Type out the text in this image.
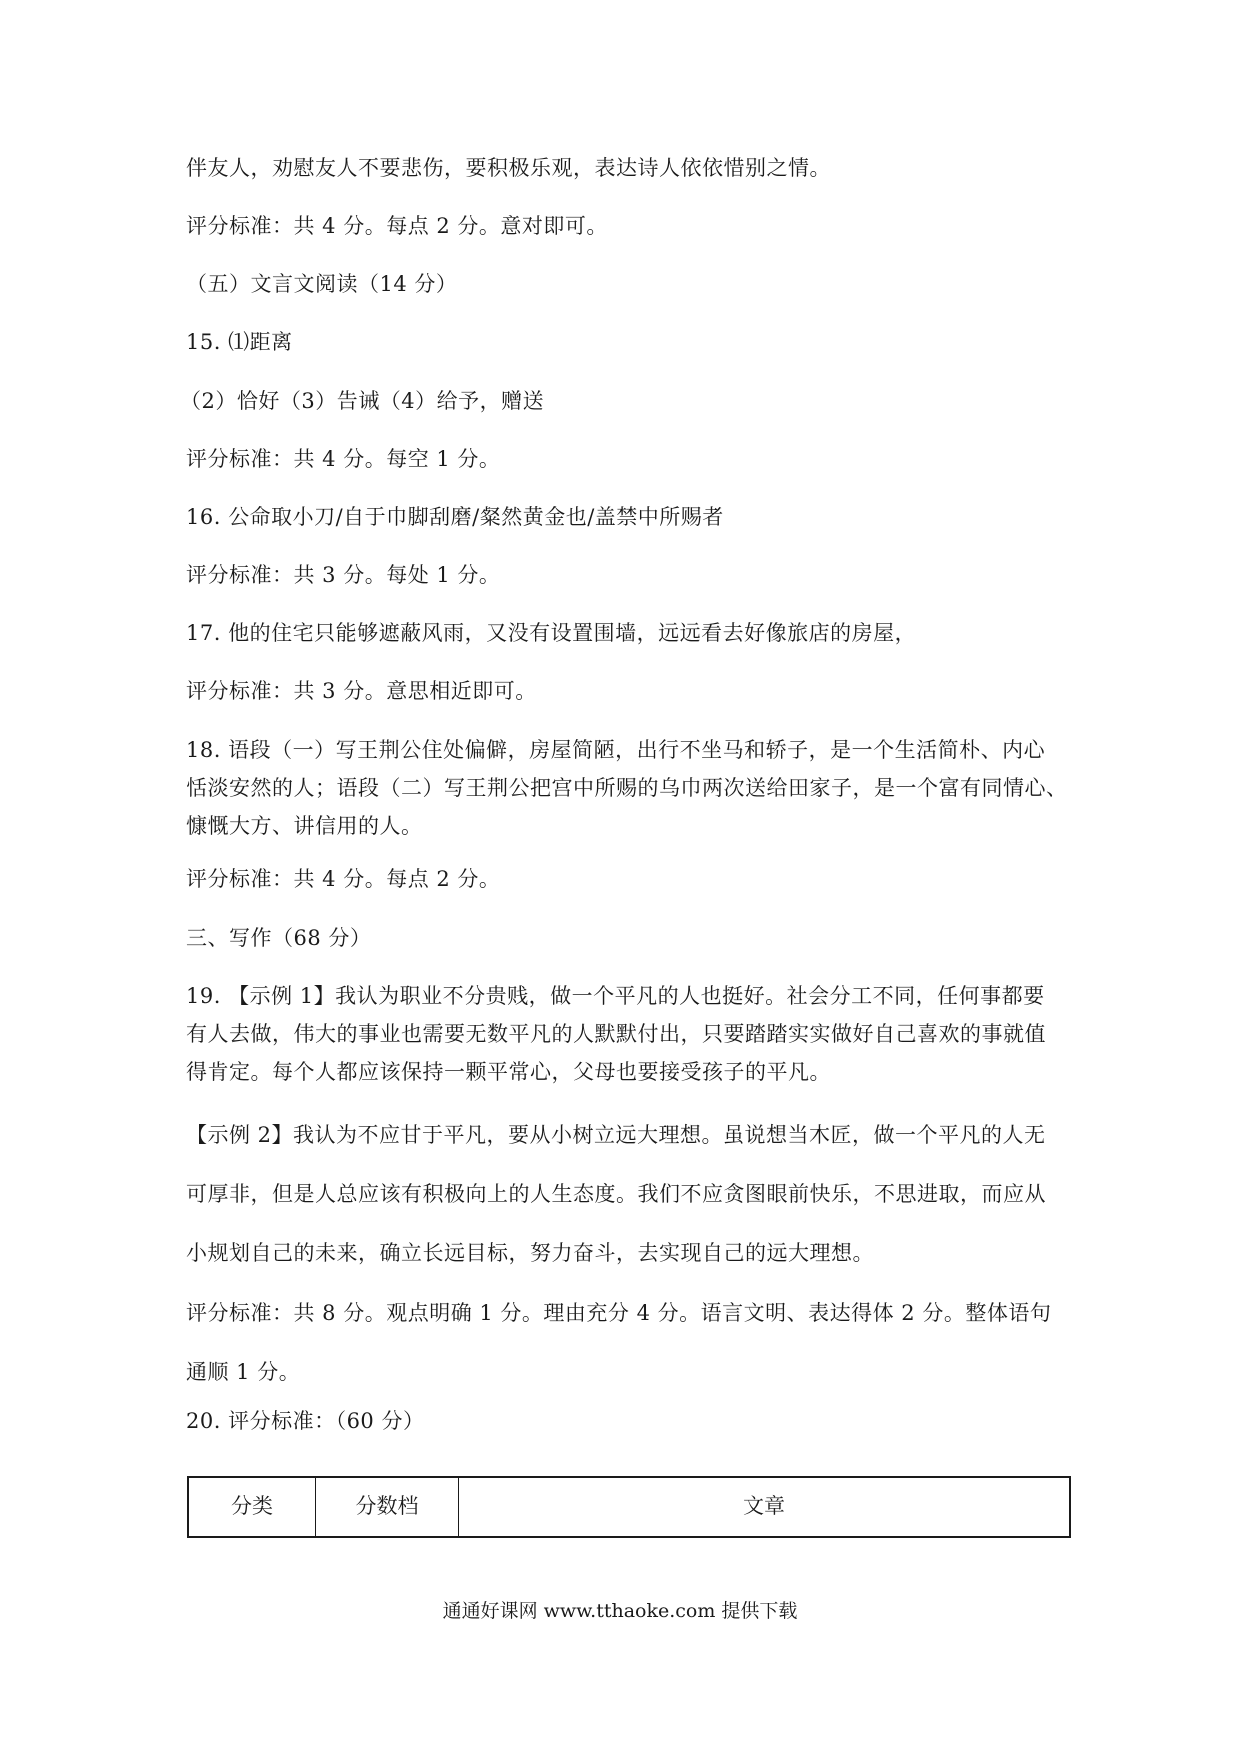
伴友人，劝慰友人不要悲伤，要积极乐观，表达诗人依依惜别之情。
评分标准：共 4 分。每点 2 分。意对即可。
（五）文言文阅读（14 分）
15. ⑴距离
（2）恰好（3）告诫（4）给予，赠送
评分标准：共 4 分。每空 1 分。
16. 公命取小刀/自于巾脚刮磨/粲然黄金也/盖禁中所赐者
评分标准：共 3 分。每处 1 分。
17. 他的住宅只能够遮蔽风雨，又没有设置围墙，远远看去好像旅店的房屋，
评分标准：共 3 分。意思相近即可。
18. 语段（一）写王荆公住处偏僻，房屋简陋，出行不坐马和轿子，是一个生活简朴、内心
恬淡安然的人；语段（二）写王荆公把宫中所赐的乌巾两次送给田家子，是一个富有同情心、
慷慨大方、讲信用的人。
评分标准：共 4 分。每点 2 分。
三、写作（68 分）
19. 【示例 1】我认为职业不分贵贱，做一个平凡的人也挺好。社会分工不同，任何事都要
有人去做，伟大的事业也需要无数平凡的人默默付出，只要踏踏实实做好自己喜欢的事就值
得肯定。每个人都应该保持一颗平常心，父母也要接受孩子的平凡。
【示例 2】我认为不应甘于平凡，要从小树立远大理想。虽说想当木匠，做一个平凡的人无
可厚非，但是人总应该有积极向上的人生态度。我们不应贪图眼前快乐，不思进取，而应从
小规划自己的未来，确立长远目标，努力奋斗，去实现自己的远大理想。
评分标准：共 8 分。观点明确 1 分。理由充分 4 分。语言文明、表达得体 2 分。整体语句
通顺 1 分。
20. 评分标准：（60 分）
分类	分数档	文章
通通好课网 www.tthaoke.com 提供下载
